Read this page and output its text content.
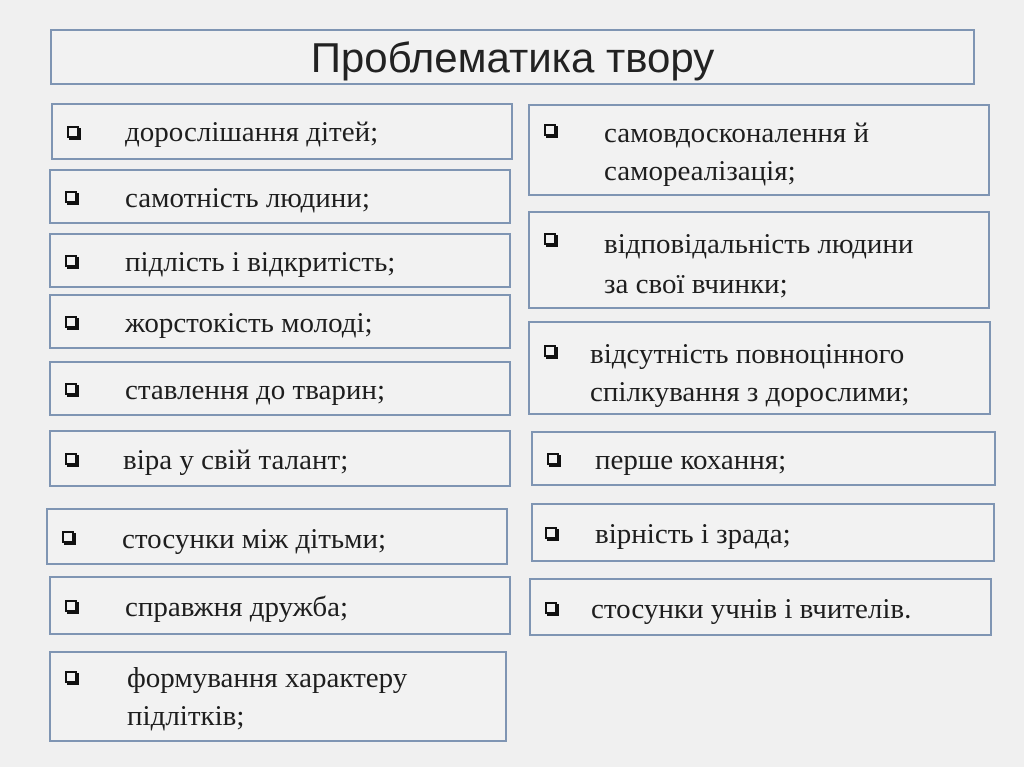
Проблематика твору
дорослішання дітей;
самотність людини;
підлість і відкритість;
жорстокість молоді;
ставлення до тварин;
віра у свій талант;
стосунки між дітьми;
справжня дружба;
формування характеру
підлітків;
самовдосконалення й
самореалізація;
відповідальність людини
за свої вчинки;
відсутність повноцінного
спілкування з дорослими;
перше кохання;
вірність і зрада;
стосунки учнів і вчителів.
